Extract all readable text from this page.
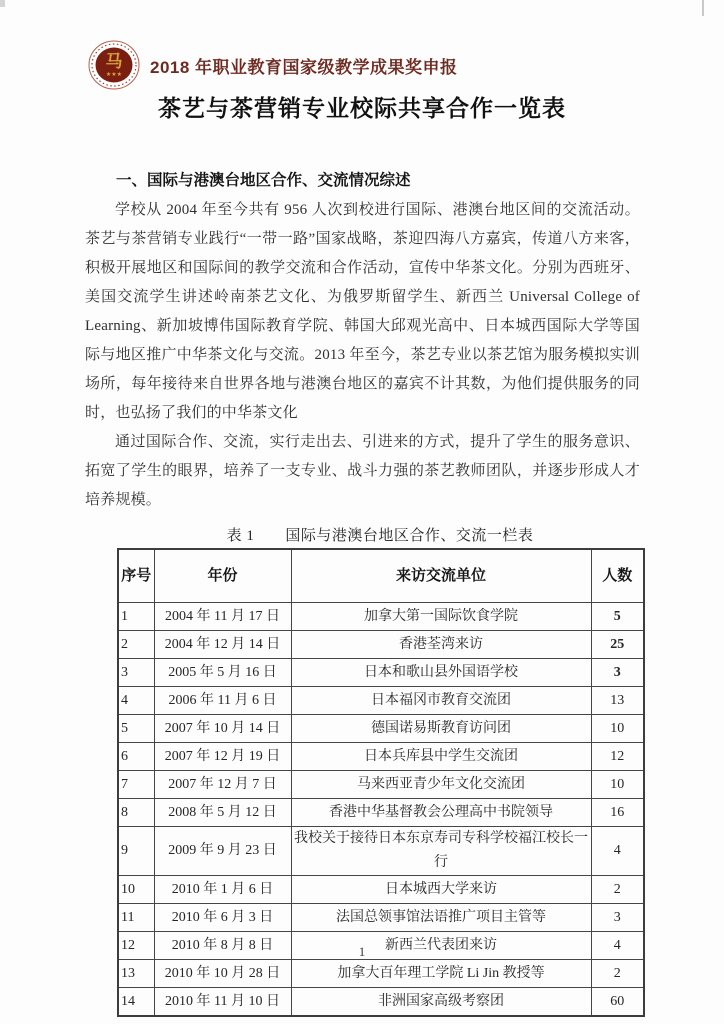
马
★★★ 2018 年职业教育国家级教学成果奖申报
茶艺与茶营销专业校际共享合作一览表

一、国际与港澳台地区合作、交流情况综述

学校从 2004 年至今共有 956 人次到校进行国际、港澳台地区间的交流活动。茶艺与茶营销专业践行“一带一路”国家战略，茶迎四海八方嘉宾，传道八方来客，积极开展地区和国际间的教学交流和合作活动，宣传中华茶文化。分别为西班牙、美国交流学生讲述岭南茶艺文化、为俄罗斯留学生、新西兰 Universal College of Learning、新加坡博伟国际教育学院、韩国大邱观光高中、日本城西国际大学等国际与地区推广中华茶文化与交流。2013 年至今，茶艺专业以茶艺馆为服务模拟实训场所，每年接待来自世界各地与港澳台地区的嘉宾不计其数，为他们提供服务的同时，也弘扬了我们的中华茶文化

通过国际合作、交流，实行走出去、引进来的方式，提升了学生的服务意识、拓宽了学生的眼界，培养了一支专业、战斗力强的茶艺教师团队，并逐步形成人才培养规模。

表 1　　国际与港澳台地区合作、交流一栏表
序号	年份	来访交流单位	人数
1	2004 年 11 月 17 日	加拿大第一国际饮食学院	5
2	2004 年 12 月 14 日	香港荃湾来访	25
3	2005 年 5 月 16 日	日本和歌山县外国语学校	3
4	2006 年 11 月 6 日	日本福冈市教育交流团	13
5	2007 年 10 月 14 日	德国诺易斯教育访问团	10
6	2007 年 12 月 19 日	日本兵库县中学生交流团	12
7	2007 年 12 月 7 日	马来西亚青少年文化交流团	10
8	2008 年 5 月 12 日	香港中华基督教会公理高中书院领导	16
9	2009 年 9 月 23 日	我校关于接待日本东京寿司专科学校福江校长一行	4
10	2010 年 1 月 6 日	日本城西大学来访	2
11	2010 年 6 月 3 日	法国总领事馆法语推广项目主管等	3
12	2010 年 8 月 8 日	新西兰代表团来访	4
13	2010 年 10 月 28 日	加拿大百年理工学院 Li Jin 教授等	2
14	2010 年 11 月 10 日	非洲国家高级考察团	60
1
